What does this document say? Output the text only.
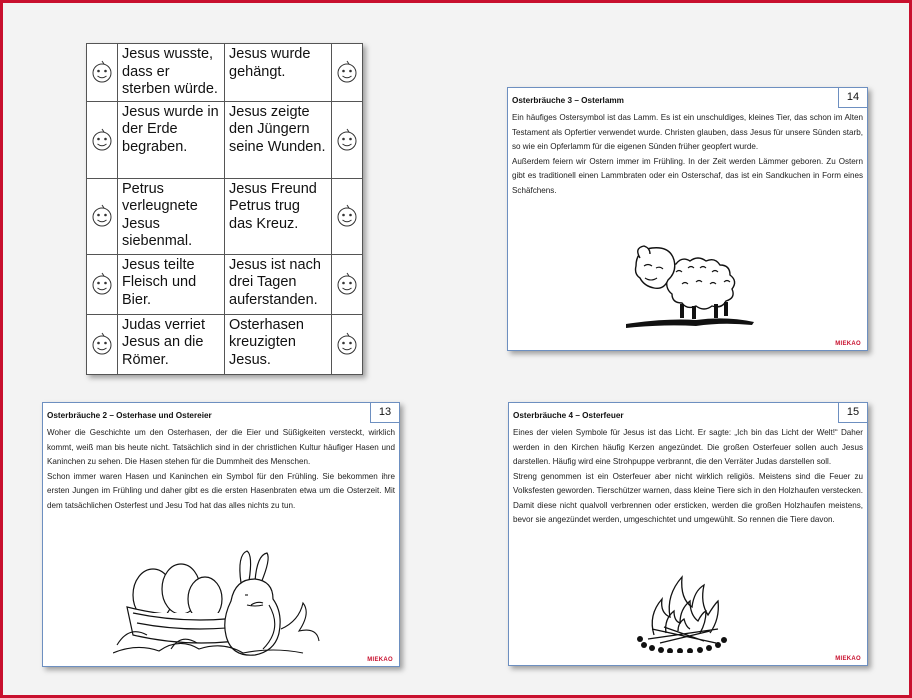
	Jesus wusste, dass er sterben würde.	Jesus wurde gehängt.	

	Jesus wurde in der Erde begraben.	Jesus zeigte den Jüngern seine Wunden.	

	Petrus verleugnete Jesus siebenmal.	Jesus Freund Petrus trug das Kreuz.	

	Jesus teilte Fleisch und Bier.	Jesus ist nach drei Tagen auferstanden.	

	Judas verriet Jesus an die Römer.	Osterhasen kreuzigten Jesus.	
14
Osterbräuche 3 – Osterlamm

Ein häufiges Ostersymbol ist das Lamm. Es ist ein unschuldiges, kleines Tier, das schon im Alten Testament als Opfertier verwendet wurde. Christen glauben, dass Jesus für unsere Sünden starb, so wie ein Opferlamm für die eigenen Sünden früher geopfert wurde.

Außerdem feiern wir Ostern immer im Frühling. In der Zeit werden Lämmer geboren. Zu Ostern gibt es traditionell einen Lammbraten oder ein Osterschaf, das ist ein Sandkuchen in Form eines Schäfchens.

MIEKAO
13
Osterbräuche 2 – Osterhase und Ostereier

Woher die Geschichte um den Osterhasen, der die Eier und Süßigkeiten versteckt, wirklich kommt, weiß man bis heute nicht. Tatsächlich sind in der christlichen Kultur häufiger Hasen und Kaninchen zu sehen. Die Hasen stehen für die Dummheit des Menschen.

Schon immer waren Hasen und Kaninchen ein Symbol für den Frühling. Sie bekommen ihre ersten Jungen im Frühling und daher gibt es die ersten Hasenbraten etwa um die Osterzeit. Mit dem tatsächlichen Osterfest und Jesu Tod hat das alles nichts zu tun.

MIEKAO
15
Osterbräuche 4 – Osterfeuer

Eines der vielen Symbole für Jesus ist das Licht. Er sagte: „Ich bin das Licht der Welt!“ Daher werden in den Kirchen häufig Kerzen angezündet. Die großen Osterfeuer sollen auch Jesus darstellen. Häufig wird eine Strohpuppe verbrannt, die den Verräter Judas darstellen soll.

Streng genommen ist ein Osterfeuer aber nicht wirklich religiös. Meistens sind die Feuer zu Volksfesten geworden. Tierschützer warnen, dass kleine Tiere sich in den Holzhaufen verstecken. Damit diese nicht qualvoll verbrennen oder ersticken, werden die großen Holzhaufen meistens, bevor sie angezündet werden, umgeschichtet und umgewühlt. So rennen die Tiere davon.

MIEKAO
